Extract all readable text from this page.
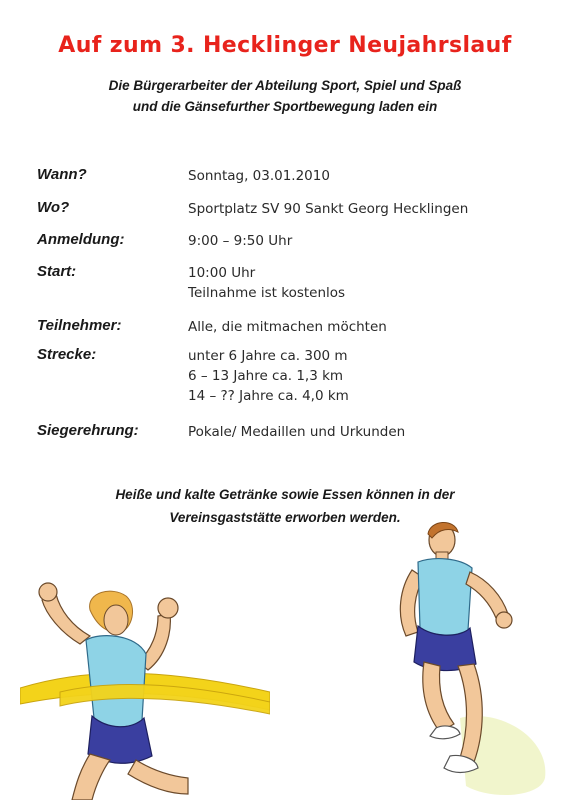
Auf zum 3. Hecklinger Neujahrslauf
Die Bürgerarbeiter der Abteilung Sport, Spiel und Spaß
und die Gänsefurther Sportbewegung laden ein
Wann?	Sonntag, 03.01.2010
Wo?	Sportplatz SV 90 Sankt Georg Hecklingen
Anmeldung:	9:00 – 9:50 Uhr
Start:	10:00 Uhr
Teilnahme ist kostenlos
Teilnehmer:	Alle, die mitmachen möchten
Strecke:	unter 6 Jahre ca. 300 m
6 – 13 Jahre ca. 1,3 km
14 – ?? Jahre ca. 4,0 km
Siegerehrung:	Pokale/ Medaillen und Urkunden
Heiße und kalte Getränke sowie Essen können in der
Vereinsgaststätte erworben werden.
